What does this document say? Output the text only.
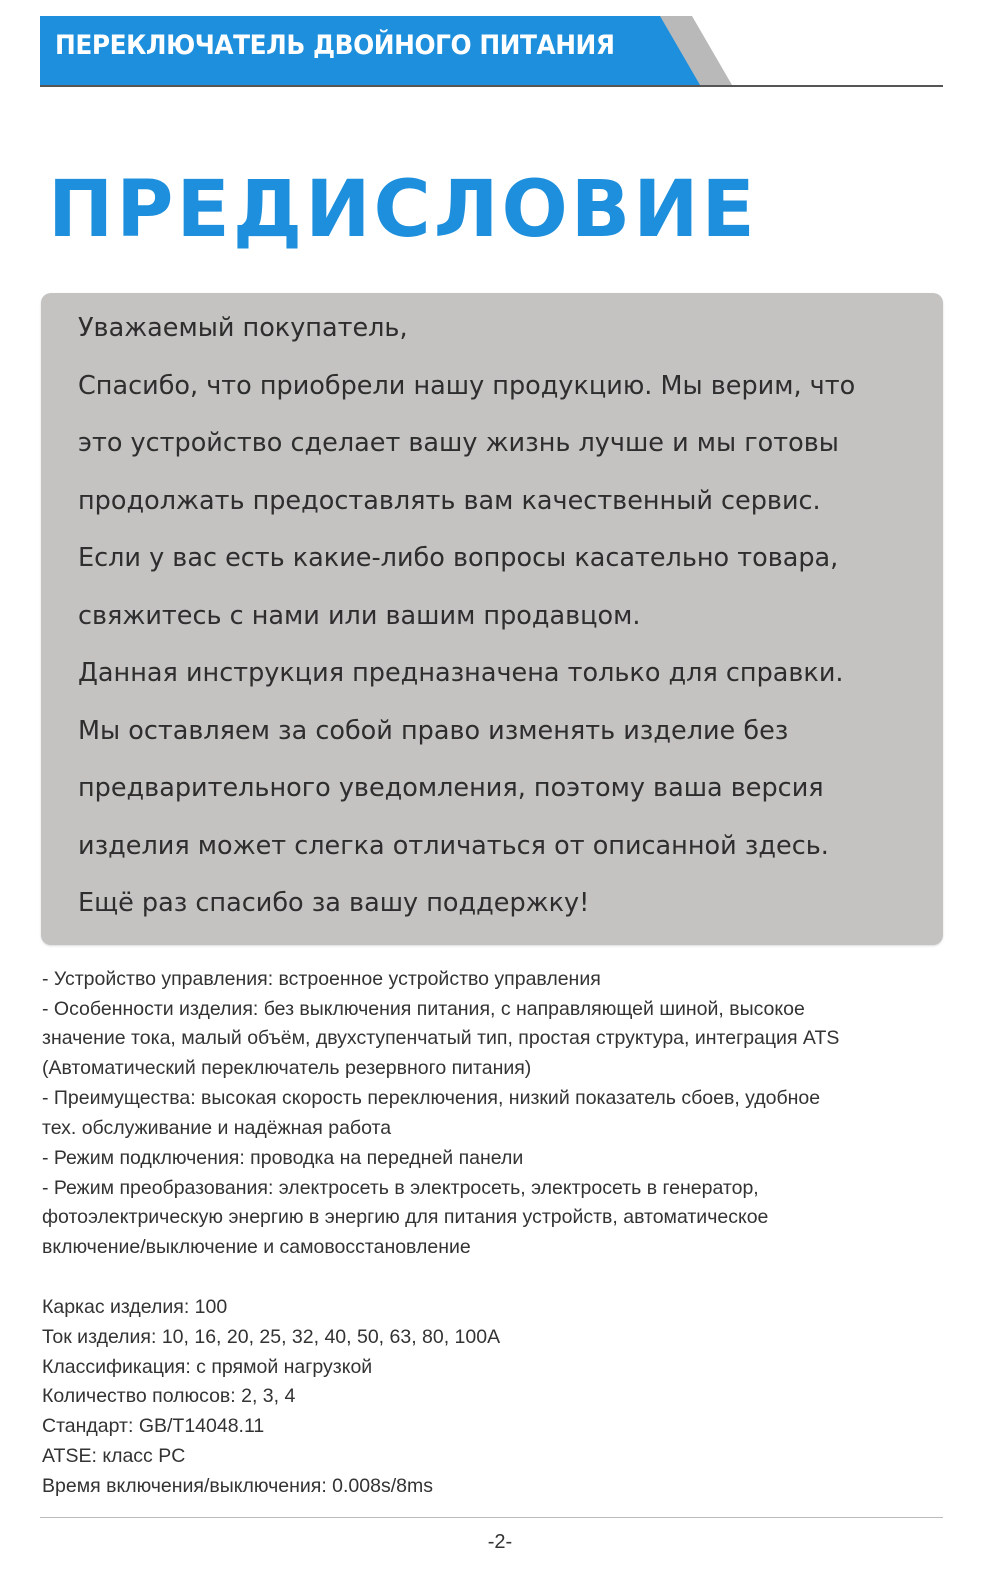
ПЕРЕКЛЮЧАТЕЛЬ ДВОЙНОГО ПИТАНИЯ
ПРЕДИСЛОВИЕ
Уважаемый покупатель,
Спасибо, что приобрели нашу продукцию. Мы верим, что
это устройство сделает вашу жизнь лучше и мы готовы
продолжать предоставлять вам качественный сервис.
Если у вас есть какие-либо вопросы касательно товара,
свяжитесь с нами или вашим продавцом.
Данная инструкция предназначена только для справки.
Мы оставляем за собой право изменять изделие без
предварительного уведомления, поэтому ваша версия
изделия может слегка отличаться от описанной здесь.
Ещё раз спасибо за вашу поддержку!
- Устройство управления: встроенное устройство управления
- Особенности изделия: без выключения питания, с направляющей шиной, высокое
значение тока, малый объём, двухступенчатый тип, простая структура, интеграция ATS
(Автоматический переключатель резервного питания)
- Преимущества: высокая скорость переключения, низкий показатель сбоев, удобное
тех. обслуживание и надёжная работа
- Режим подключения: проводка на передней панели
- Режим преобразования: электросеть в электросеть, электросеть в генератор,
фотоэлектрическую энергию в энергию для питания устройств, автоматическое
включение/выключение и самовосстановление
Каркас изделия: 100
Ток изделия: 10, 16, 20, 25, 32, 40, 50, 63, 80, 100А
Классификация: с прямой нагрузкой
Количество полюсов: 2, 3, 4
Стандарт: GB/T14048.11
ATSE: класс PC
Время включения/выключения: 0.008s/8ms
-2-
